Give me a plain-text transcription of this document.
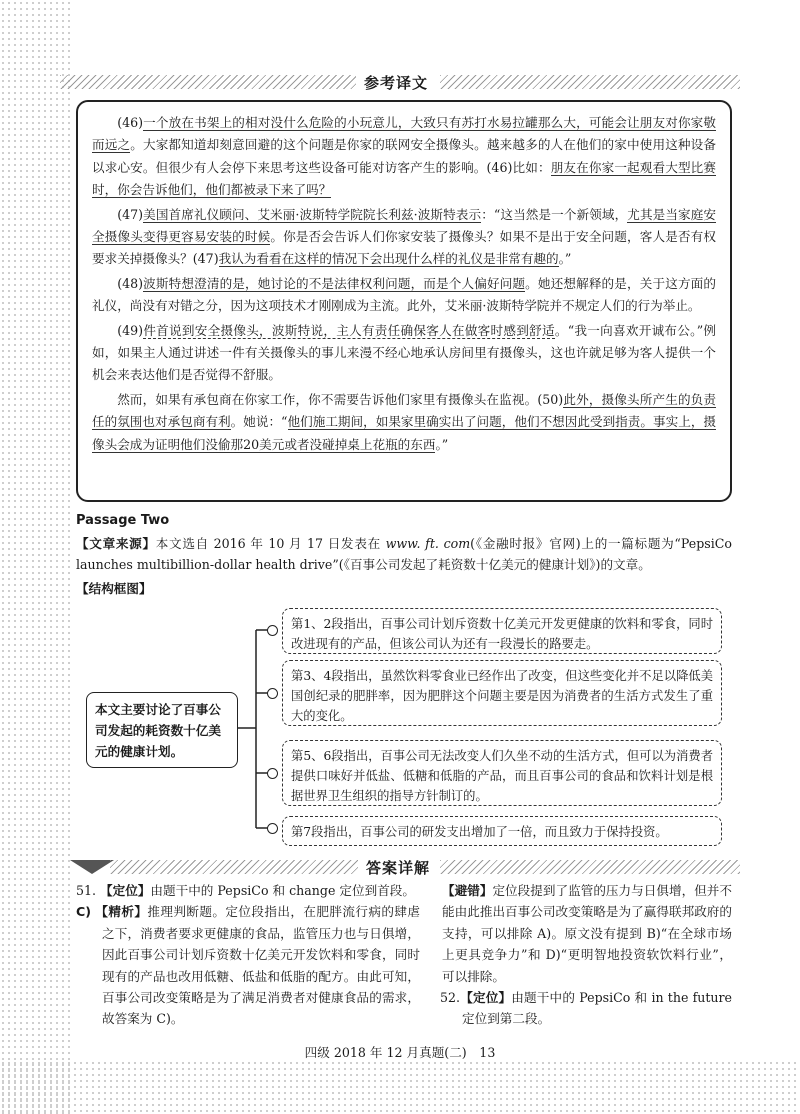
参考译文

(46)一个放在书架上的相对没什么危险的小玩意儿，大致只有苏打水易拉罐那么大，可能会让朋友对你家敬而远之。大家都知道却刻意回避的这个问题是你家的联网安全摄像头。越来越多的人在他们的家中使用这种设备以求心安。但很少有人会停下来思考这些设备可能对访客产生的影响。(46)比如：朋友在你家一起观看大型比赛时，你会告诉他们，他们都被录下来了吗？

(47)美国首席礼仪顾问、艾米丽·波斯特学院院长利兹·波斯特表示：“这当然是一个新领域，尤其是当家庭安全摄像头变得更容易安装的时候。你是否会告诉人们你家安装了摄像头？如果不是出于安全问题，客人是否有权要求关掉摄像头？(47)我认为看看在这样的情况下会出现什么样的礼仪是非常有趣的。”

(48)波斯特想澄清的是，她讨论的不是法律权利问题，而是个人偏好问题。她还想解释的是，关于这方面的礼仪，尚没有对错之分，因为这项技术才刚刚成为主流。此外，艾米丽·波斯特学院并不规定人们的行为举止。

(49)件首说到安全摄像头，波斯特说，主人有责任确保客人在做客时感到舒适。“我一向喜欢开诚布公。”例如，如果主人通过讲述一件有关摄像头的事儿来漫不经心地承认房间里有摄像头，这也许就足够为客人提供一个机会来表达他们是否觉得不舒服。

然而，如果有承包商在你家工作，你不需要告诉他们家里有摄像头在监视。(50)此外，摄像头所产生的负责任的氛围也对承包商有利。她说：“他们施工期间，如果家里确实出了问题，他们不想因此受到指责。事实上，摄像头会成为证明他们没偷那20美元或者没碰掉桌上花瓶的东西。”

Passage Two
【文章来源】本文选自 2016 年 10 月 17 日发表在 www. ft. com(《金融时报》官网)上的一篇标题为“PepsiCo launches multibillion-dollar health drive”(《百事公司发起了耗资数十亿美元的健康计划》)的文章。
【结构框图】
本文主要讨论了百事公司发起的耗资数十亿美元的健康计划。
第1、2段指出，百事公司计划斥资数十亿美元开发更健康的饮料和零食，同时改进现有的产品，但该公司认为还有一段漫长的路要走。
第3、4段指出，虽然饮料零食业已经作出了改变，但这些变化并不足以降低美国创纪录的肥胖率，因为肥胖这个问题主要是因为消费者的生活方式发生了重大的变化。
第5、6段指出，百事公司无法改变人们久坐不动的生活方式，但可以为消费者提供口味好并低盐、低糖和低脂的产品，而且百事公司的食品和饮料计划是根据世界卫生组织的指导方针制订的。
第7段指出，百事公司的研发支出增加了一倍，而且致力于保持投资。
答案详解
51. 【定位】由题干中的 PepsiCo 和 change 定位到首段。
C) 【精析】推理判断题。定位段指出，在肥胖流行病的肆虐之下，消费者要求更健康的食品，监管压力也与日俱增，因此百事公司计划斥资数十亿美元开发饮料和零食，同时现有的产品也改用低糖、低盐和低脂的配方。由此可知，百事公司改变策略是为了满足消费者对健康食品的需求，故答案为 C)。
【避错】定位段提到了监管的压力与日俱增，但并不能由此推出百事公司改变策略是为了赢得联邦政府的支持，可以排除 A)。原文没有提到 B)“在全球市场上更具竞争力”和 D)“更明智地投资软饮料行业”，可以排除。
52.【定位】由题干中的 PepsiCo 和 in the future 定位到第二段。
四级 2018 年 12 月真题(二)　13
